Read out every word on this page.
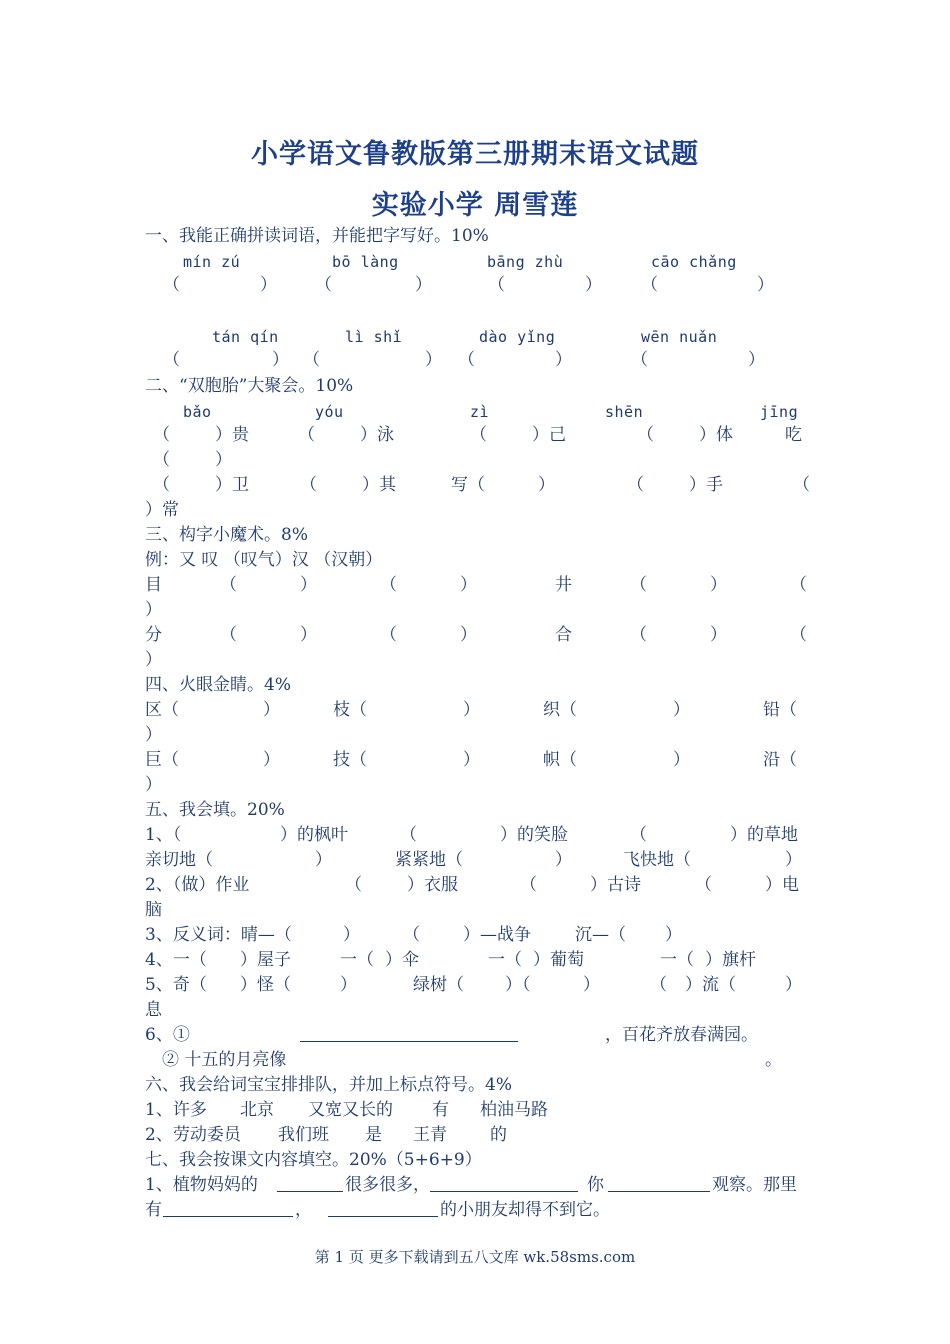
小学语文鲁教版第三册期末语文试题
实验小学 周雪莲
一、我能正确拼读词语，并能把字写好。10%
mín zú	bō làng	bāng zhù	cāo chǎng
（	） （	）	（	） （	）
tán qín	lì shǐ	dào yǐng	wēn nuǎn
（	） （	） （	）	（	）
二、“双胞胎”大聚会。10%
bǎo	yóu	zì	shēn	jīng
（	）贵	（	）泳	（	）己	（	）体	吃
（	）
（	）卫	（	）其	写（	）	（	）手	（
）常
三、构字小魔术。8%
例：又 叹 （叹气）汉 （汉朝）
目	（	）	（	）	井	（	）	（
）
分	（	）	（	）	合	（	）	（
）
四、火眼金睛。4%
区（	）	枝（	）	织（	）	铅（
）
巨（	）	技（	）	帜（	）	沿（
）
五、我会填。20%
1、（	）的枫叶	（	）的笑脸	（	）的草地
亲切地（	）	紧紧地（	）	飞快地（	）
2、（做）作业	（	）衣服	（	）古诗	（	）电
脑
3、反义词：晴—（	）	（	）—战争	沉—（ ）
4、一（ ）屋子	一（ ）伞	一（ ）葡萄	一（ ）旗杆
5、奇（ ）怪（	）	绿树（ ）（	）	（ ）流（	）
息
6、①	，百花齐放春满园。
② 十五的月亮像	。
六、我会给词宝宝排排队，并加上标点符号。4%
1、许多 北京 又宽又长的 有 柏油马路
2、劳动委员 我们班 是 王青	的
七、我会按课文内容填空。20%（5+6+9）
1、植物妈妈的	很多很多，	你	观察。那里
有	，	的小朋友却得不到它。
第 1 页 更多下载请到五八文库 wk.58sms.com
